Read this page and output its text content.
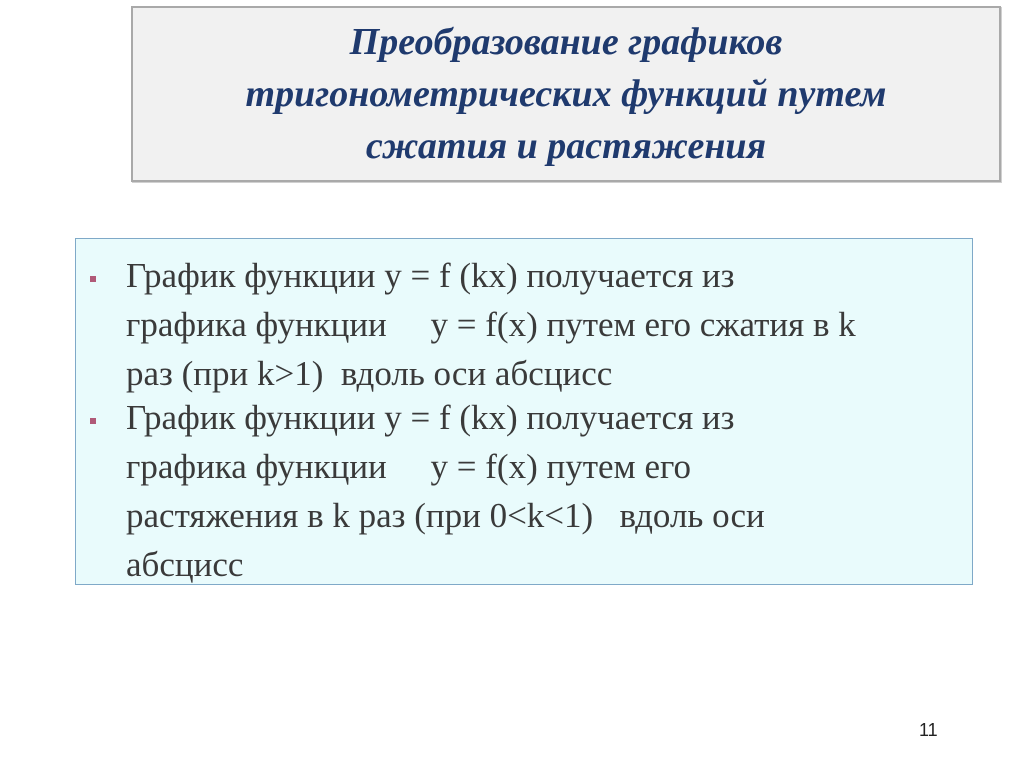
Преобразование графиков
тригонометрических функций путем
сжатия и растяжения
График функции y = f (kx) получается из
графика функции     y = f(x) путем его сжатия в k
раз (при k>1)  вдоль оси абсцисс
График функции y = f (kx) получается из
графика функции     y = f(x) путем его
растяжения в k раз (при 0<k<1)   вдоль оси
абсцисс
11
